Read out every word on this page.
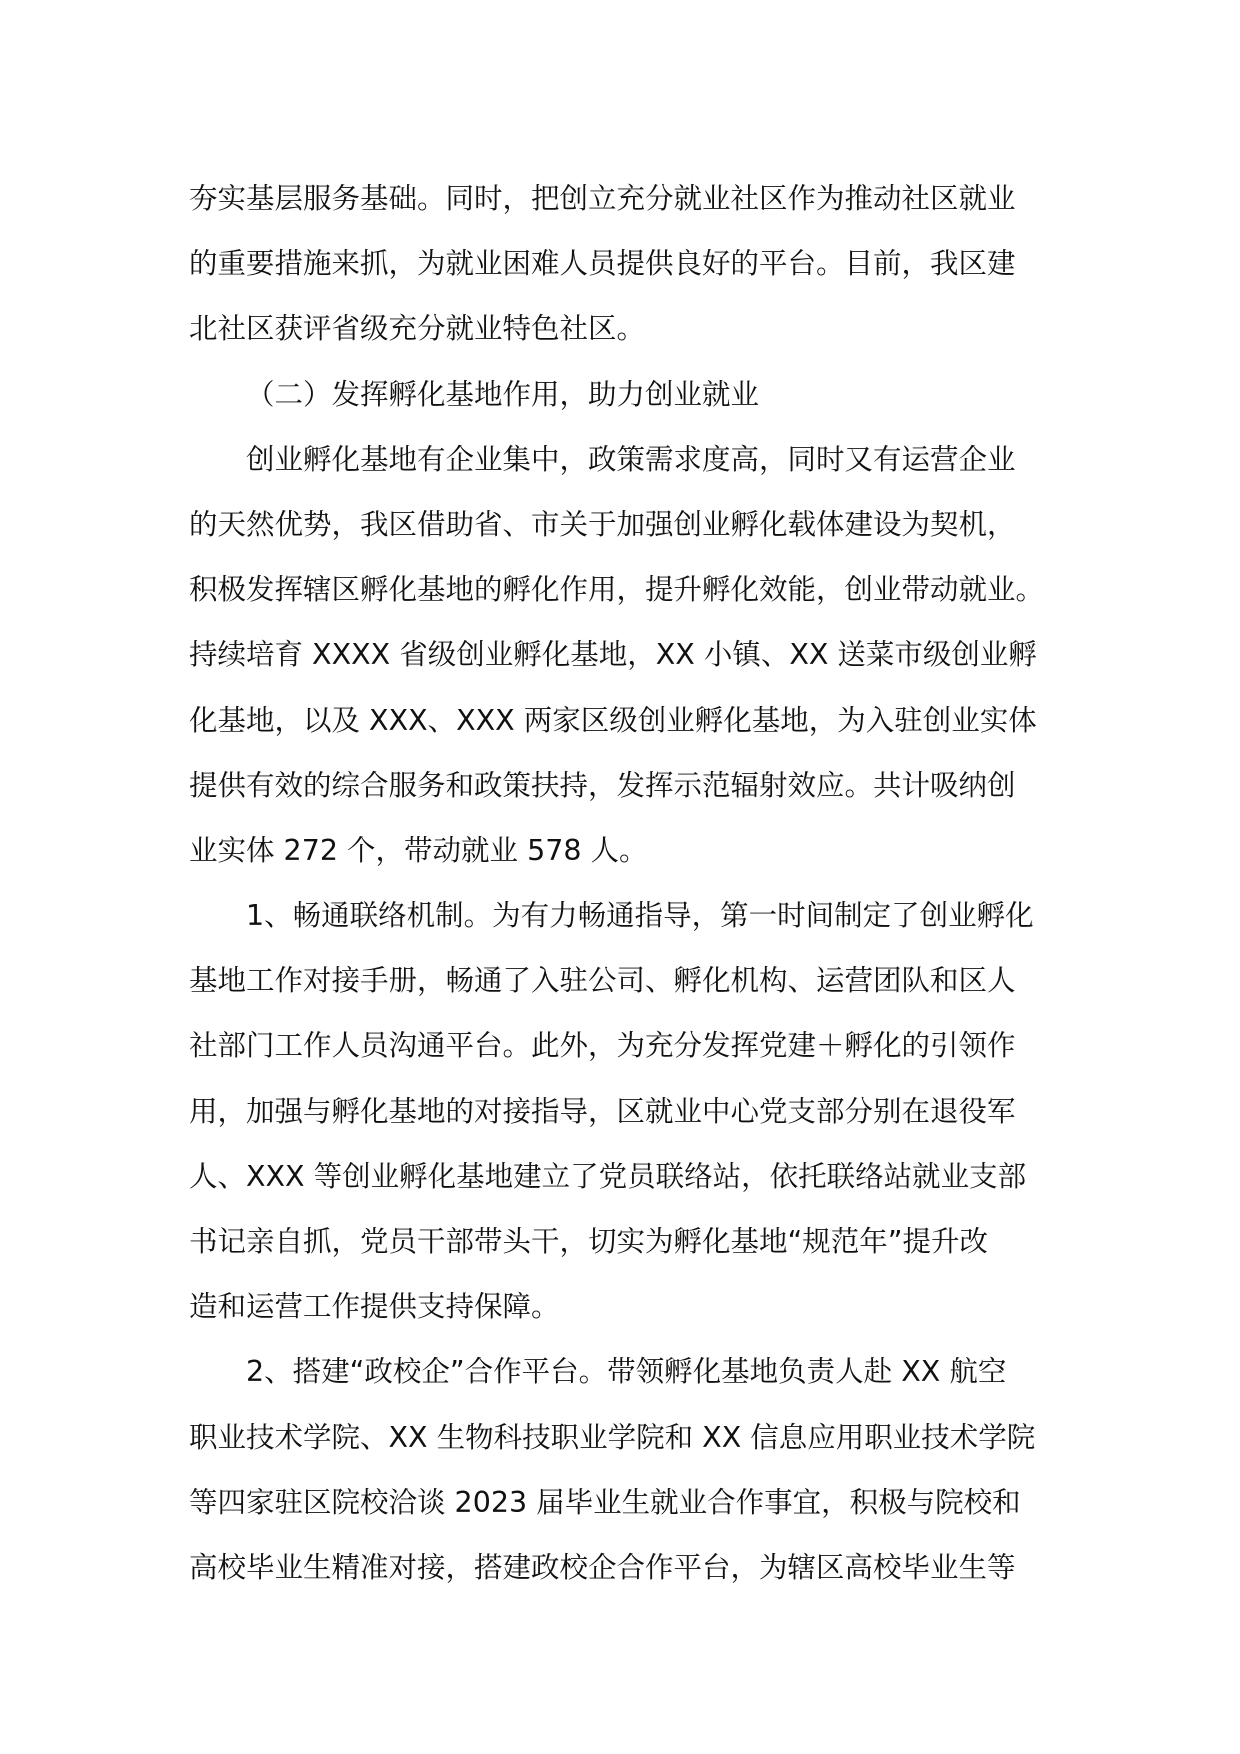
夯实基层服务基础。同时，把创立充分就业社区作为推动社区就业
的重要措施来抓，为就业困难人员提供良好的平台。目前，我区建
北社区获评省级充分就业特色社区。
（二）发挥孵化基地作用，助力创业就业
创业孵化基地有企业集中，政策需求度高，同时又有运营企业
的天然优势，我区借助省、市关于加强创业孵化载体建设为契机，
积极发挥辖区孵化基地的孵化作用，提升孵化效能，创业带动就业。
持续培育 XXXX 省级创业孵化基地，XX 小镇、XX 送菜市级创业孵
化基地，以及 XXX、XXX 两家区级创业孵化基地，为入驻创业实体
提供有效的综合服务和政策扶持，发挥示范辐射效应。共计吸纳创
业实体 272 个，带动就业 578 人。
1、畅通联络机制。为有力畅通指导，第一时间制定了创业孵化
基地工作对接手册，畅通了入驻公司、孵化机构、运营团队和区人
社部门工作人员沟通平台。此外，为充分发挥党建＋孵化的引领作
用，加强与孵化基地的对接指导，区就业中心党支部分别在退役军
人、XXX 等创业孵化基地建立了党员联络站，依托联络站就业支部
书记亲自抓，党员干部带头干，切实为孵化基地“规范年”提升改
造和运营工作提供支持保障。
2、搭建“政校企”合作平台。带领孵化基地负责人赴 XX 航空
职业技术学院、XX 生物科技职业学院和 XX 信息应用职业技术学院
等四家驻区院校洽谈 2023 届毕业生就业合作事宜，积极与院校和
高校毕业生精准对接，搭建政校企合作平台，为辖区高校毕业生等
